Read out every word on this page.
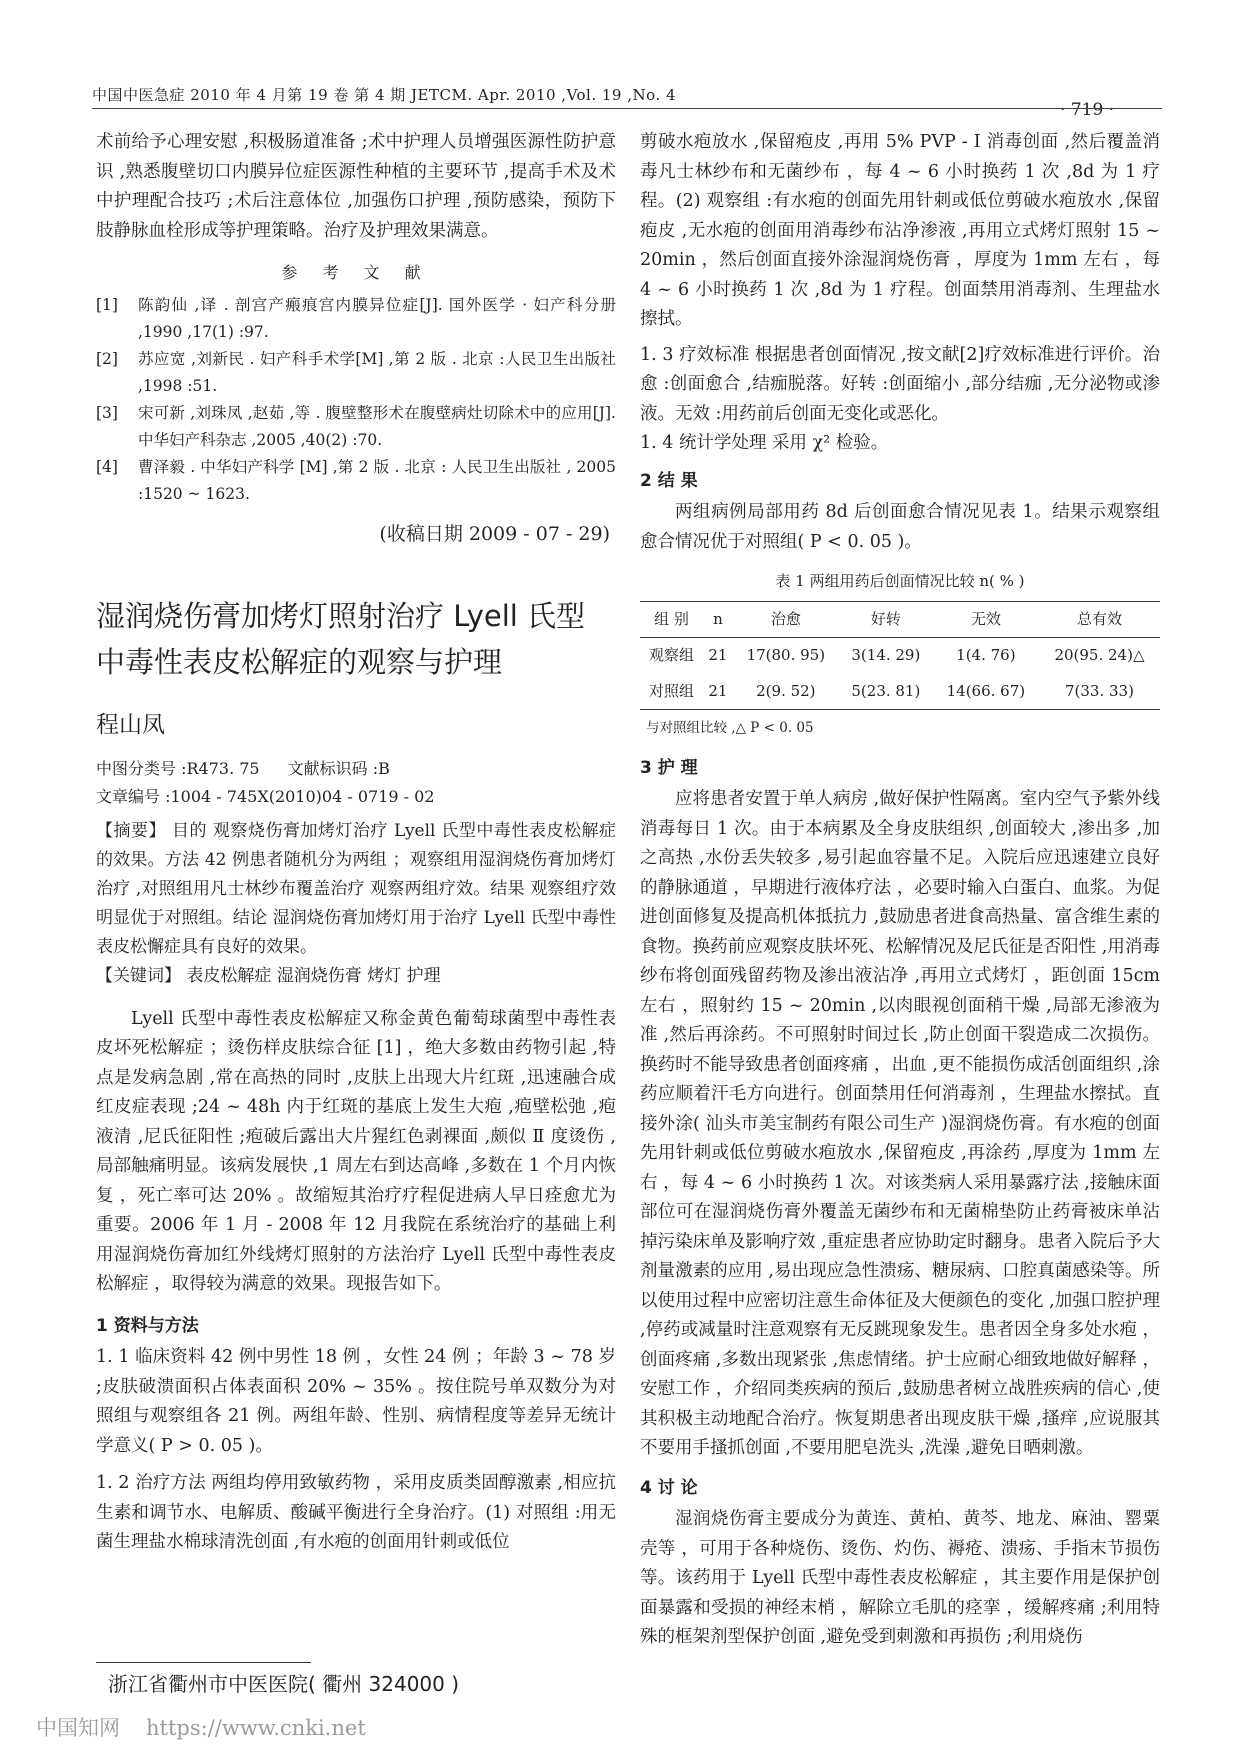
中国中医急症 2010 年 4 月第 19 卷 第 4 期 JETCM. Apr. 2010 ,Vol. 19 ,No. 4
· 719 ·

术前给予心理安慰 ,积极肠道准备 ;术中护理人员增强医源性防护意识 ,熟悉腹壁切口内膜异位症医源性种植的主要环节 ,提高手术及术中护理配合技巧 ;术后注意体位 ,加强伤口护理 ,预防感染，预防下肢静脉血栓形成等护理策略。治疗及护理效果满意。

参 考 文 献
[1]	陈韵仙 ,译 . 剖宫产瘢痕宫内膜异位症[J]. 国外医学 · 妇产科分册 ,1990 ,17(1) :97.
[2]	苏应宽 ,刘新民 . 妇产科手术学[M] ,第 2 版 . 北京 :人民卫生出版社 ,1998 :51.
[3]	宋可新 ,刘珠凤 ,赵茹 ,等 . 腹壁整形术在腹壁病灶切除术中的应用[J]. 中华妇产科杂志 ,2005 ,40(2) :70.
[4]	曹泽毅 . 中华妇产科学 [M] ,第 2 版 . 北京 : 人民卫生出版社 , 2005 :1520 ~ 1623.
(收稿日期 2009 - 07 - 29)
湿润烧伤膏加烤灯照射治疗 Lyell 氏型
中毒性表皮松解症的观察与护理
程山凤
中图分类号 :R473. 75 文献标识码 :B
文章编号 :1004 - 745X(2010)04 - 0719 - 02

【摘要】 目的 观察烧伤膏加烤灯治疗 Lyell 氏型中毒性表皮松解症的效果。方法 42 例患者随机分为两组 ；观察组用湿润烧伤膏加烤灯治疗 ,对照组用凡士林纱布覆盖治疗 观察两组疗效。结果 观察组疗效明显优于对照组。结论 湿润烧伤膏加烤灯用于治疗 Lyell 氏型中毒性表皮松懈症具有良好的效果。

【关键词】 表皮松解症 湿润烧伤膏 烤灯 护理

Lyell 氏型中毒性表皮松解症又称金黄色葡萄球菌型中毒性表皮坏死松解症 ；烫伤样皮肤综合征 [1] ，绝大多数由药物引起 ,特点是发病急剧 ,常在高热的同时 ,皮肤上出现大片红斑 ,迅速融合成红皮症表现 ;24 ~ 48h 内于红斑的基底上发生大疱 ,疱壁松弛 ,疱液清 ,尼氏征阳性 ;疱破后露出大片猩红色剥裸面 ,颇似 Ⅱ 度烫伤 ,局部触痛明显。该病发展快 ,1 周左右到达高峰 ,多数在 1 个月内恢复 ，死亡率可达 20% 。故缩短其治疗疗程促进病人早日痊愈尤为重要。2006 年 1 月 - 2008 年 12 月我院在系统治疗的基础上利用湿润烧伤膏加红外线烤灯照射的方法治疗 Lyell 氏型中毒性表皮松解症 ，取得较为满意的效果。现报告如下。

1 资料与方法

1. 1 临床资料 42 例中男性 18 例 ，女性 24 例 ；年龄 3 ~ 78 岁 ;皮肤破溃面积占体表面积 20% ~ 35% 。按住院号单双数分为对照组与观察组各 21 例。两组年龄、性别、病情程度等差异无统计学意义( P > 0. 05 )。

1. 2 治疗方法 两组均停用致敏药物 ，采用皮质类固醇激素 ,相应抗生素和调节水、电解质、酸碱平衡进行全身治疗。(1) 对照组 :用无菌生理盐水棉球清洗创面 ,有水疱的创面用针刺或低位

浙江省衢州市中医医院( 衢州 324000 )

剪破水疱放水 ,保留疱皮 ,再用 5% PVP - I 消毒创面 ,然后覆盖消毒凡士林纱布和无菌纱布 ，每 4 ~ 6 小时换药 1 次 ,8d 为 1 疗程。(2) 观察组 :有水疱的创面先用针刺或低位剪破水疱放水 ,保留疱皮 ,无水疱的创面用消毒纱布沾净渗液 ,再用立式烤灯照射 15 ~ 20min ，然后创面直接外涂湿润烧伤膏 ，厚度为 1mm 左右 ，每 4 ~ 6 小时换药 1 次 ,8d 为 1 疗程。创面禁用消毒剂、生理盐水擦拭。

1. 3 疗效标准 根据患者创面情况 ,按文献[2]疗效标准进行评价。治愈 :创面愈合 ,结痂脱落。好转 :创面缩小 ,部分结痂 ,无分泌物或渗液。无效 :用药前后创面无变化或恶化。

1. 4 统计学处理 采用 χ² 检验。

2 结 果

两组病例局部用药 8d 后创面愈合情况见表 1。结果示观察组愈合情况优于对照组( P < 0. 05 )。

表 1 两组用药后创面情况比较 n( % )
组 别	n	治愈	好转	无效	总有效
观察组	21	17(80. 95)	3(14. 29)	1(4. 76)	20(95. 24)△
对照组	21	2(9. 52)	5(23. 81)	14(66. 67)	7(33. 33)
与对照组比较 ,△ P < 0. 05
3 护 理

应将患者安置于单人病房 ,做好保护性隔离。室内空气予紫外线消毒每日 1 次。由于本病累及全身皮肤组织 ,创面较大 ,渗出多 ,加之高热 ,水份丢失较多 ,易引起血容量不足。入院后应迅速建立良好的静脉通道 ，早期进行液体疗法 ，必要时输入白蛋白、血浆。为促进创面修复及提高机体抵抗力 ,鼓励患者进食高热量、富含维生素的食物。换药前应观察皮肤坏死、松解情况及尼氏征是否阳性 ,用消毒纱布将创面残留药物及渗出液沾净 ,再用立式烤灯 ，距创面 15cm 左右 ，照射约 15 ~ 20min ,以肉眼视创面稍干燥 ,局部无渗液为准 ,然后再涂药。不可照射时间过长 ,防止创面干裂造成二次损伤。换药时不能导致患者创面疼痛 ，出血 ,更不能损伤成活创面组织 ,涂药应顺着汗毛方向进行。创面禁用任何消毒剂 ，生理盐水擦拭。直接外涂( 汕头市美宝制药有限公司生产 )湿润烧伤膏。有水疱的创面先用针刺或低位剪破水疱放水 ,保留疱皮 ,再涂药 ,厚度为 1mm 左右 ，每 4 ~ 6 小时换药 1 次。对该类病人采用暴露疗法 ,接触床面部位可在湿润烧伤膏外覆盖无菌纱布和无菌棉垫防止药膏被床单沾掉污染床单及影响疗效 ,重症患者应协助定时翻身。患者入院后予大剂量激素的应用 ,易出现应急性溃疡、糖尿病、口腔真菌感染等。所以使用过程中应密切注意生命体征及大便颜色的变化 ,加强口腔护理 ,停药或减量时注意观察有无反跳现象发生。患者因全身多处水疱 ，创面疼痛 ,多数出现紧张 ,焦虑情绪。护士应耐心细致地做好解释 ，安慰工作 ，介绍同类疾病的预后 ,鼓励患者树立战胜疾病的信心 ,使其积极主动地配合治疗。恢复期患者出现皮肤干燥 ,搔痒 ,应说服其不要用手搔抓创面 ,不要用肥皂洗头 ,洗澡 ,避免日晒刺激。

4 讨 论

湿润烧伤膏主要成分为黄连、黄柏、黄芩、地龙、麻油、罂粟壳等 ，可用于各种烧伤、烫伤、灼伤、褥疮、溃疡、手指末节损伤等。该药用于 Lyell 氏型中毒性表皮松解症 ，其主要作用是保护创面暴露和受损的神经末梢 ，解除立毛肌的痉挛 ，缓解疼痛 ;利用特殊的框架剂型保护创面 ,避免受到刺激和再损伤 ;利用烧伤

中国知网 https://www.cnki.net
